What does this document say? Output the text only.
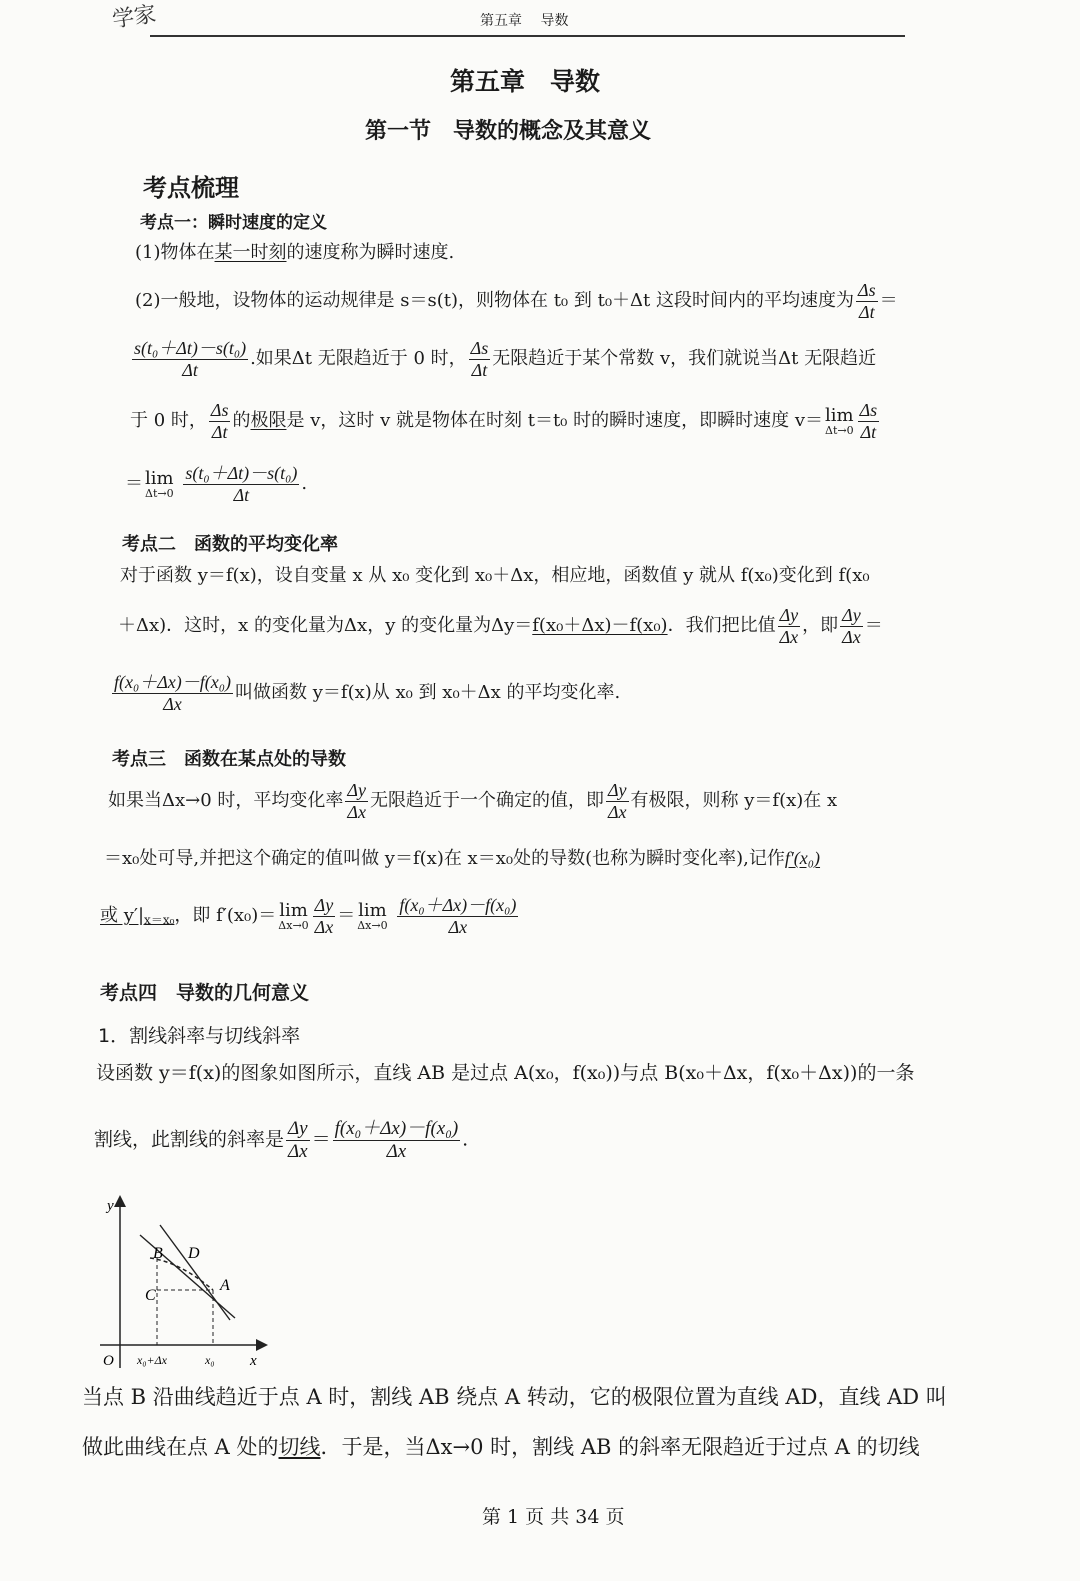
学家	第五章　 导数
第五章　导数
第一节　导数的概念及其意义
考点梳理
考点一：瞬时速度的定义
(1)物体在某一时刻的速度称为瞬时速度.
(2)一般地，设物体的运动规律是 s＝s(t)，则物体在 t₀ 到 t₀＋Δt 这段时间内的平均速度为 $\frac{\Delta s}{\Delta t}$ ＝
$\frac{\text{s(t₀＋Δt)－s(t₀)}}{\Delta t}$ .如果Δt 无限趋近于 0 时， $\frac{\Delta s}{\Delta t}$ 无限趋近于某个常数 v，我们就说当Δt 无限趋近
于 0 时， $\frac{\Delta s}{\Delta t}$ 的极限是 v，这时 v 就是物体在时刻 t＝t₀ 时的瞬时速度，即瞬时速度 v＝ lim
$\Delta t\to 0 \frac{\Delta s}{\Delta t}$
＝ lim
Δt→0
$\frac{\text{s(t₀＋Δt)－s(t₀)}}{\Delta t}$ .
考点二　函数的平均变化率
对于函数 y＝f(x)，设自变量 x 从 x₀ 变化到 x₀＋Δx，相应地，函数值 y 就从 f(x₀)变化到 f(x₀
＋Δx)．这时，x 的变化量为Δx，y 的变化量为Δy＝f(x₀＋Δx)－f(x₀)．我们把比值 $\frac{\Delta y}{\Delta x}$ ，即 $\frac{\Delta y}{\Delta x}$ ＝
$\frac{\text{f(x₀＋Δx)－f(x₀)}}{\Delta x}$ 叫做函数 y＝f(x)从 x₀ 到 x₀＋Δx 的平均变化率.
考点三　函数在某点处的导数
如果当Δx→0 时，平均变化率 $\frac{\Delta y}{\Delta x}$ 无限趋近于一个确定的值，即 $\frac{\Delta y}{\Delta x}$ 有极限，则称 y＝f(x)在 x
＝x₀处可导,并把这个确定的值叫做 y＝f(x)在 x＝x₀处的导数(也称为瞬时变化率),记作f′(x₀)
或 $y'|_{x=x_0}$，即 f′(x₀)＝ lim
$\Delta x\to 0 \frac{\Delta y}{\Delta x} = \lim$
Δx→0
$\frac{\text{f(x₀＋Δx)－f(x₀)}}{\Delta x}$
考点四　导数的几何意义
1．割线斜率与切线斜率
设函数 y＝f(x)的图象如图所示，直线 AB 是过点 A(x₀，f(x₀))与点 B(x₀＋Δx，f(x₀＋Δx))的一条
割线，此割线的斜率是 $\frac{\Delta y}{\Delta x} = \frac{\text{f(x₀＋Δx)－f(x₀)}}{\Delta x}$ .
y
x
O
B D
C
A
x₀+Δx	x₀
当点 B 沿曲线趋近于点 A 时，割线 AB 绕点 A 转动，它的极限位置为直线 AD，直线 AD 叫
做此曲线在点 A 处的切线．于是，当Δx→0 时，割线 AB 的斜率无限趋近于过点 A 的切线
第 1 页 共 34 页
